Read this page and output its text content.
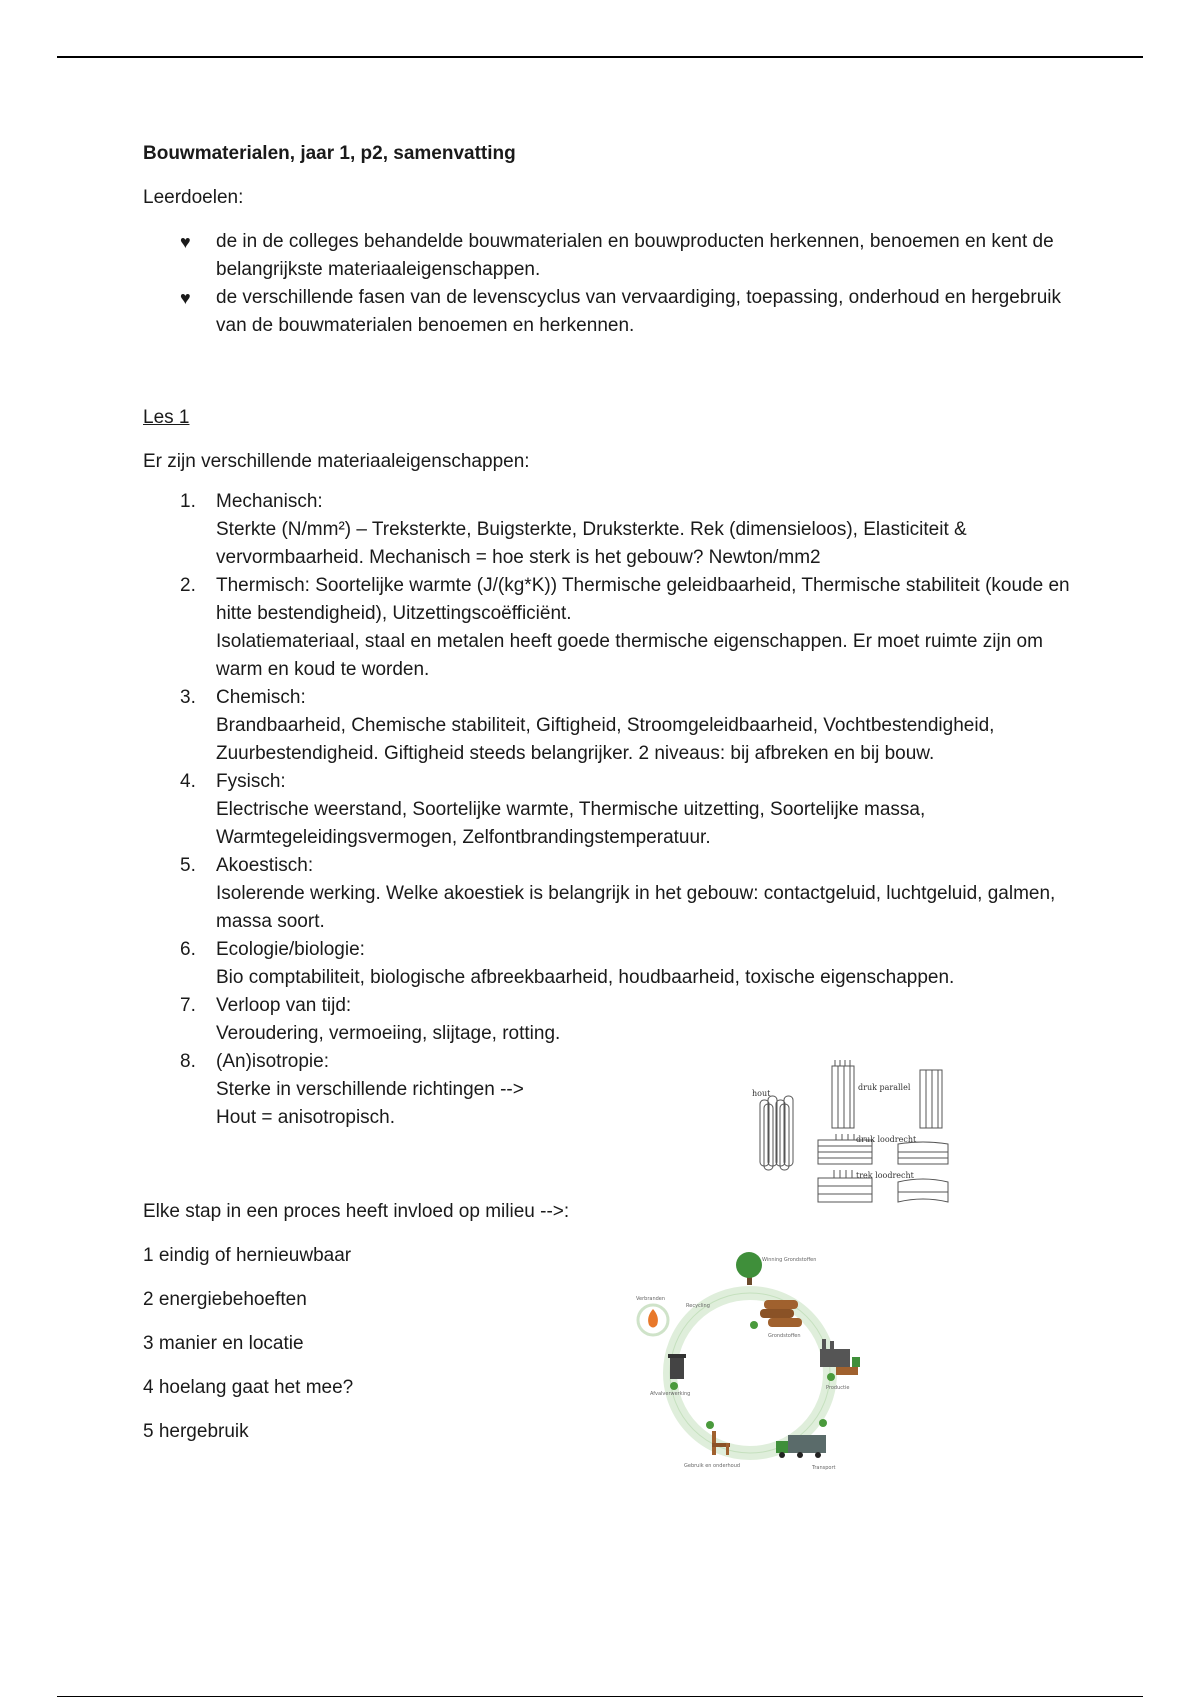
Bouwmaterialen, jaar 1, p2, samenvatting

Leerdoelen:

♥ de in de colleges behandelde bouwmaterialen en bouwproducten herkennen, benoemen en kent de belangrijkste materiaaleigenschappen.
♥ de verschillende fasen van de levenscyclus van vervaardiging, toepassing, onderhoud en hergebruik van de bouwmaterialen benoemen en herkennen.

Les 1

Er zijn verschillende materiaaleigenschappen:

1. Mechanisch:
Sterkte (N/mm²) – Treksterkte, Buigsterkte, Druksterkte. Rek (dimensieloos), Elasticiteit & vervormbaarheid. Mechanisch = hoe sterk is het gebouw? Newton/mm2
2. Thermisch: Soortelijke warmte (J/(kg*K)) Thermische geleidbaarheid, Thermische stabiliteit (koude en hitte bestendigheid), Uitzettingscoëfficiënt.
Isolatiemateriaal, staal en metalen heeft goede thermische eigenschappen. Er moet ruimte zijn om warm en koud te worden.
3. Chemisch:
Brandbaarheid, Chemische stabiliteit, Giftigheid, Stroomgeleidbaarheid, Vochtbestendigheid, Zuurbestendigheid. Giftigheid steeds belangrijker. 2 niveaus: bij afbreken en bij bouw.
4. Fysisch:
Electrische weerstand, Soortelijke warmte, Thermische uitzetting, Soortelijke massa, Warmtegeleidingsvermogen, Zelfontbrandingstemperatuur.
5. Akoestisch:
Isolerende werking. Welke akoestiek is belangrijk in het gebouw: contactgeluid, luchtgeluid, galmen, massa soort.
6. Ecologie/biologie:
Bio comptabiliteit, biologische afbreekbaarheid, houdbaarheid, toxische eigenschappen.
7. Verloop van tijd:
Veroudering, vermoeiing, slijtage, rotting.
8. (An)isotropie:
Sterke in verschillende richtingen -->
Hout = anisotropisch.

Elke stap in een proces heeft invloed op milieu -->:

1 eindig of hernieuwbaar

2 energiebehoeften

3 manier en locatie

4 hoelang gaat het mee?

5 hergebruik

hout
druk parallel
druk loodrecht
trek loodrecht
Winning Grondstoffen
Grondstoffen
Productie
Transport
Gebruik en onderhoud
Afvalverwerking
Verbranden
Recycling
